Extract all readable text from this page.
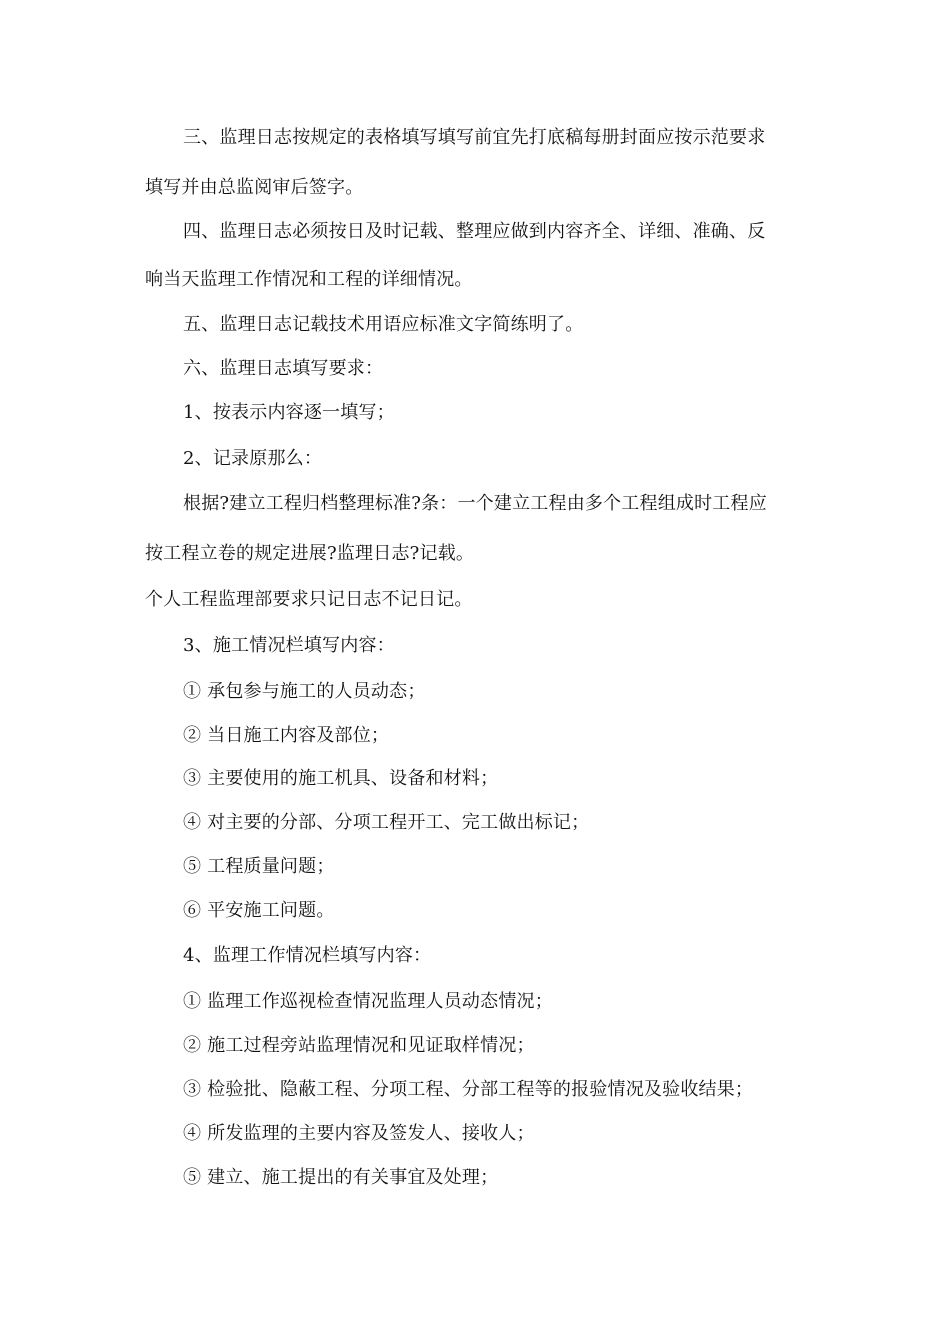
三、监理日志按规定的表格填写填写前宜先打底稿每册封面应按示范要求
填写并由总监阅审后签字。
四、监理日志必须按日及时记载、整理应做到内容齐全、详细、准确、反
响当天监理工作情况和工程的详细情况。
五、监理日志记载技术用语应标准文字简练明了。
六、监理日志填写要求：
1、按表示内容逐一填写；
2、记录原那么：
根据?建立工程归档整理标准?条：一个建立工程由多个工程组成时工程应
按工程立卷的规定进展?监理日志?记载。
个人工程监理部要求只记日志不记日记。
3、施工情况栏填写内容：
① 承包参与施工的人员动态；
② 当日施工内容及部位；
③ 主要使用的施工机具、设备和材料；
④ 对主要的分部、分项工程开工、完工做出标记；
⑤ 工程质量问题；
⑥ 平安施工问题。
4、监理工作情况栏填写内容：
① 监理工作巡视检查情况监理人员动态情况；
② 施工过程旁站监理情况和见证取样情况；
③ 检验批、隐蔽工程、分项工程、分部工程等的报验情况及验收结果；
④ 所发监理的主要内容及签发人、接收人；
⑤ 建立、施工提出的有关事宜及处理；
